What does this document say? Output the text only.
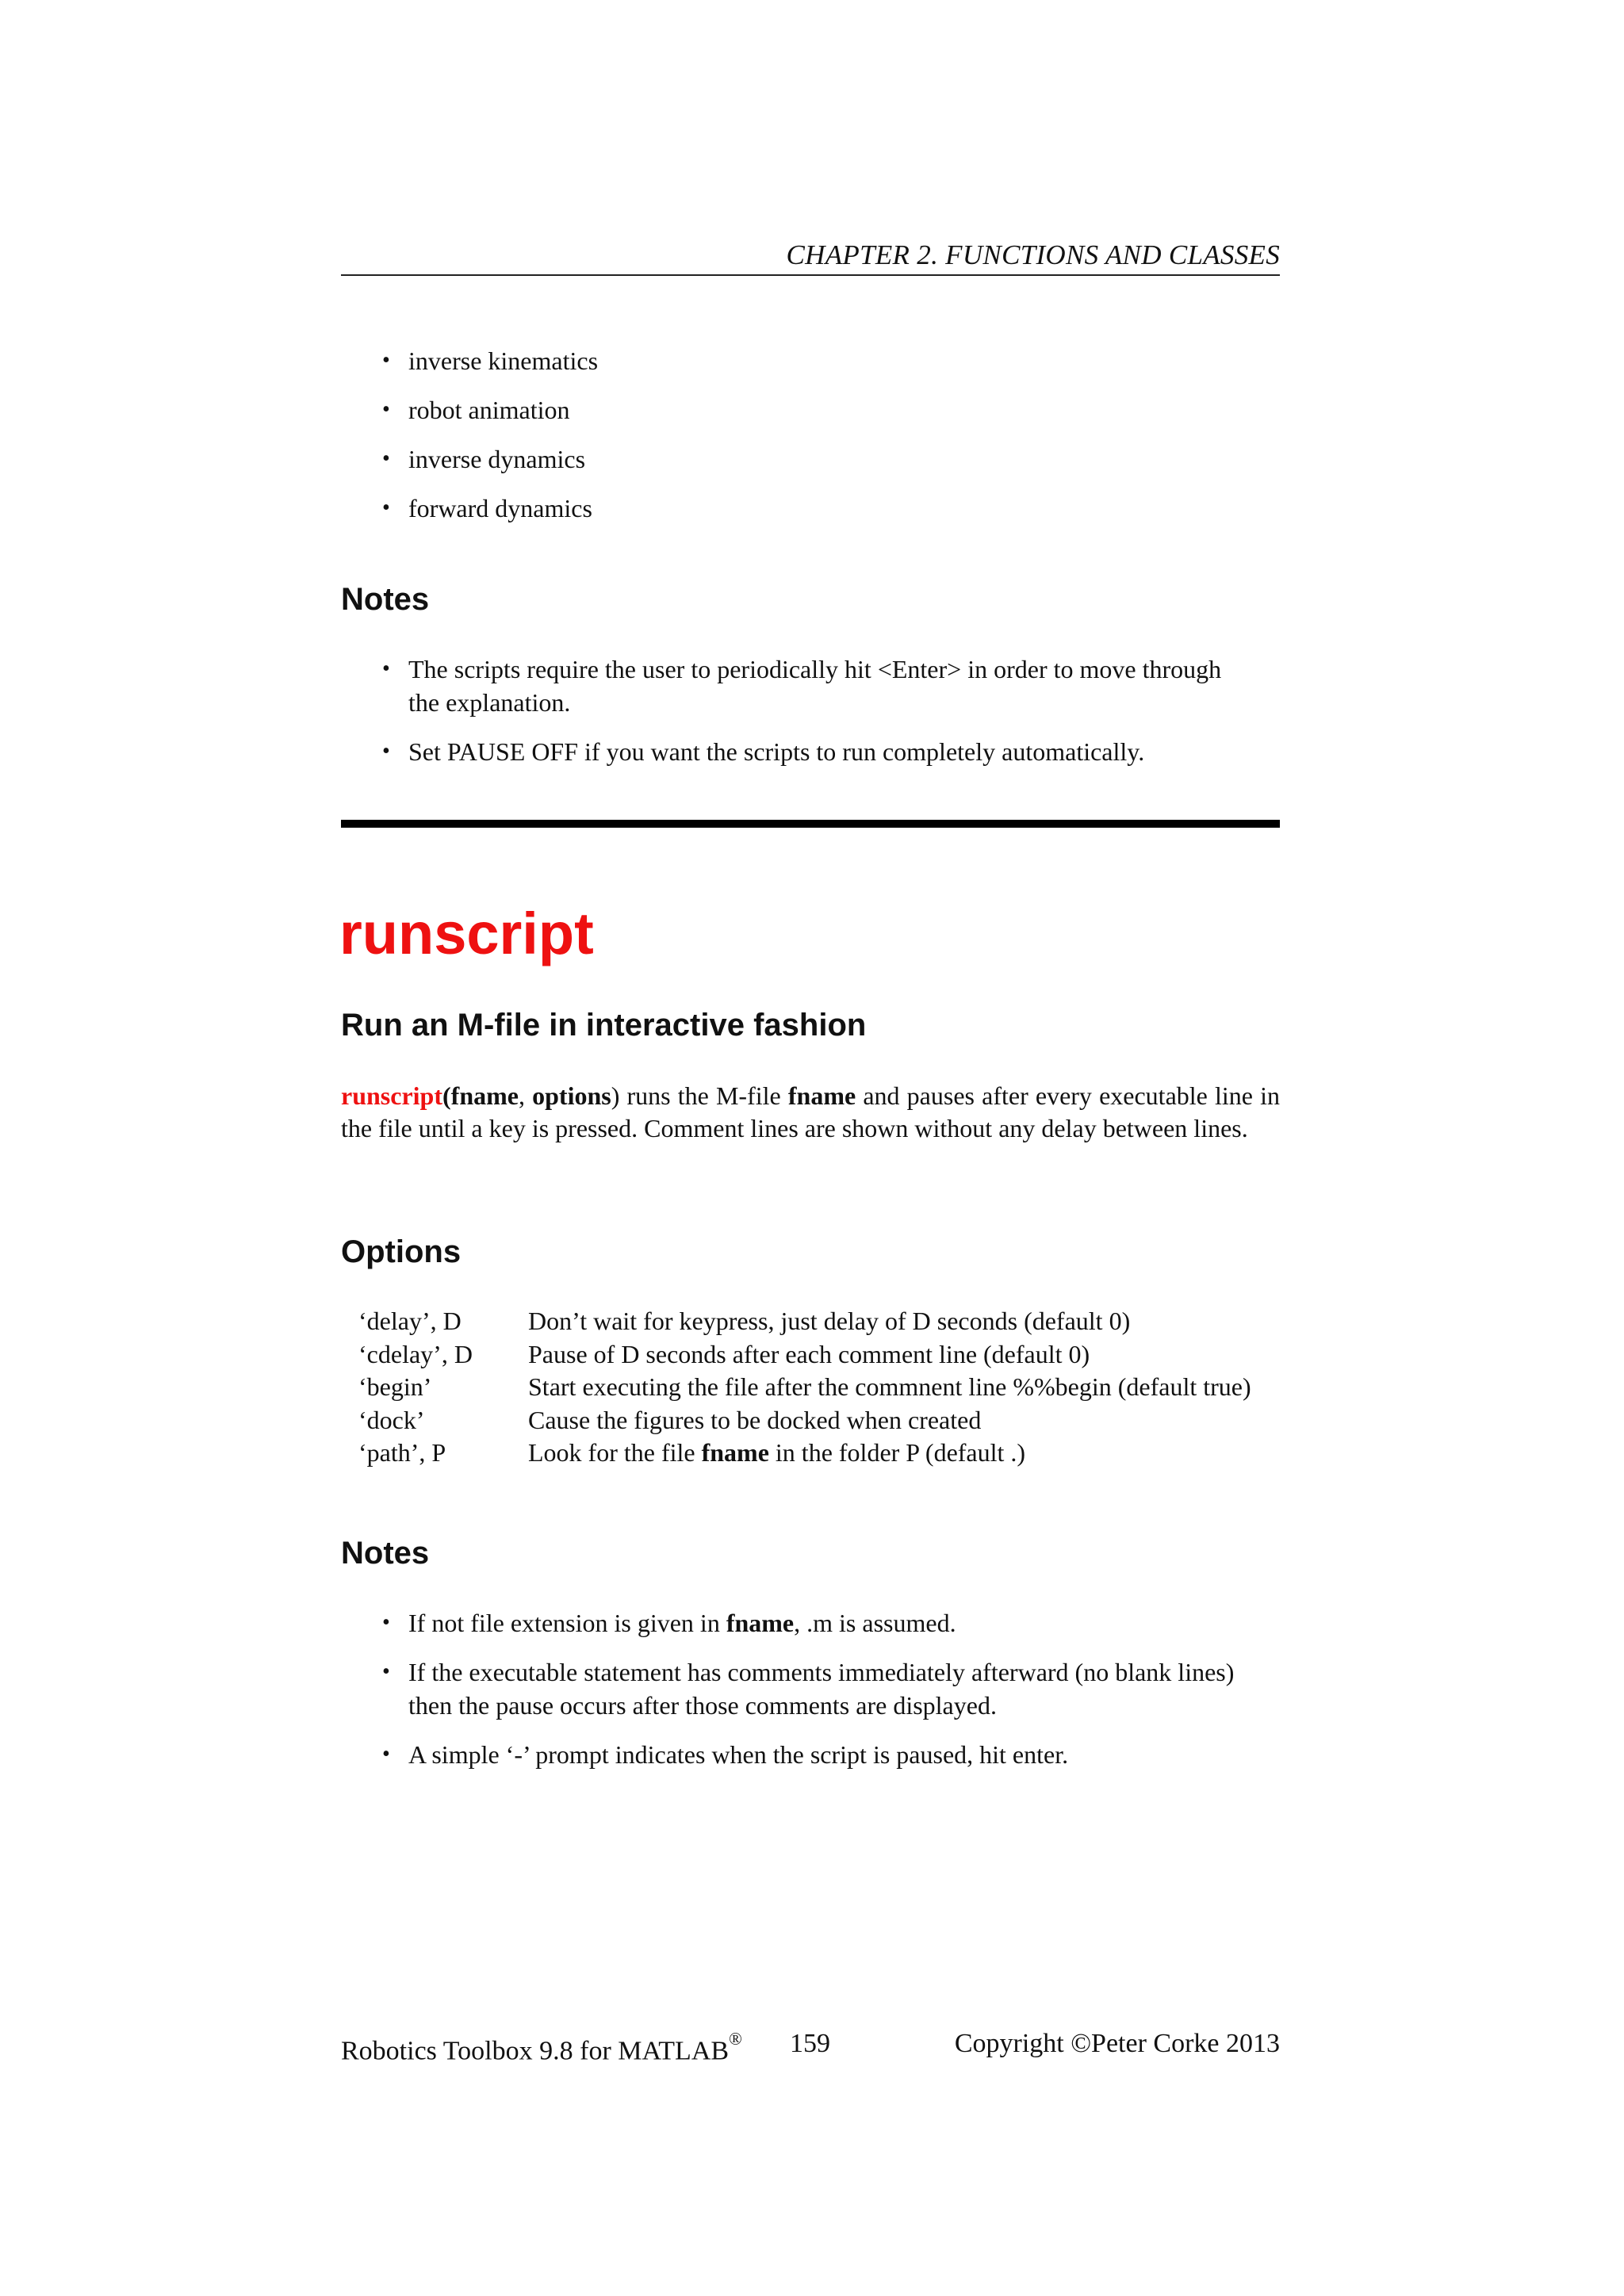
CHAPTER 2. FUNCTIONS AND CLASSES
• inverse kinematics
• robot animation
• inverse dynamics
• forward dynamics
Notes
• The scripts require the user to periodically hit <Enter> in order to move through
the explanation.
• Set PAUSE OFF if you want the scripts to run completely automatically.
runscript
Run an M-file in interactive fashion
runscript(fname, options) runs the M-file fname and pauses after every executable line in the file until a key is pressed. Comment lines are shown without any delay between lines.
Options
‘delay’, D	Don’t wait for keypress, just delay of D seconds (default 0)
‘cdelay’, D	Pause of D seconds after each comment line (default 0)
‘begin’	Start executing the file after the commnent line %%begin (default true)
‘dock’	Cause the figures to be docked when created
‘path’, P	Look for the file fname in the folder P (default .)
Notes
• If not file extension is given in fname, .m is assumed.
• If the executable statement has comments immediately afterward (no blank lines)
then the pause occurs after those comments are displayed.
• A simple ‘-’ prompt indicates when the script is paused, hit enter.
Robotics Toolbox 9.8 for MATLAB® 159	Copyright ©Peter Corke 2013
